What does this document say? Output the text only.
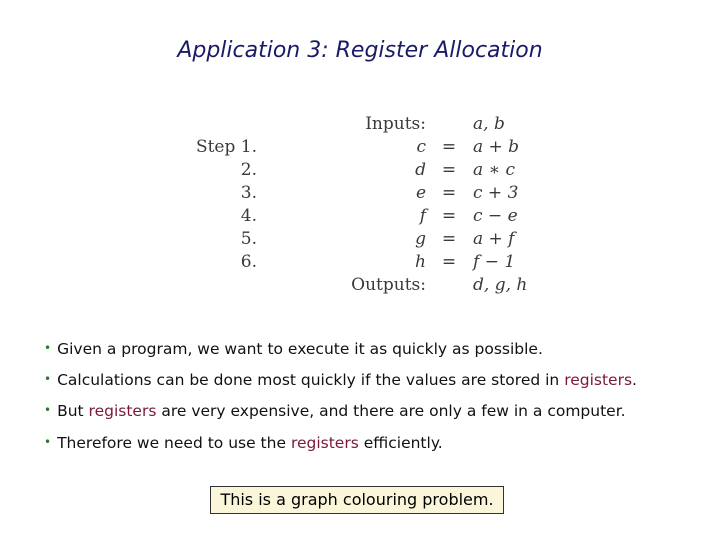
Application 3: Register Allocation
Inputs:	a, b
Step 1.	c = a + b
2.	d = a ∗ c
3.	e = c + 3
4.	f = c − e
5.	g = a + f
6.	h = f − 1
Outputs:	d, g, h
• Given a program, we want to execute it as quickly as possible.
• Calculations can be done most quickly if the values are stored in registers.
• But registers are very expensive, and there are only a few in a computer.
• Therefore we need to use the registers efficiently.
This is a graph colouring problem.
